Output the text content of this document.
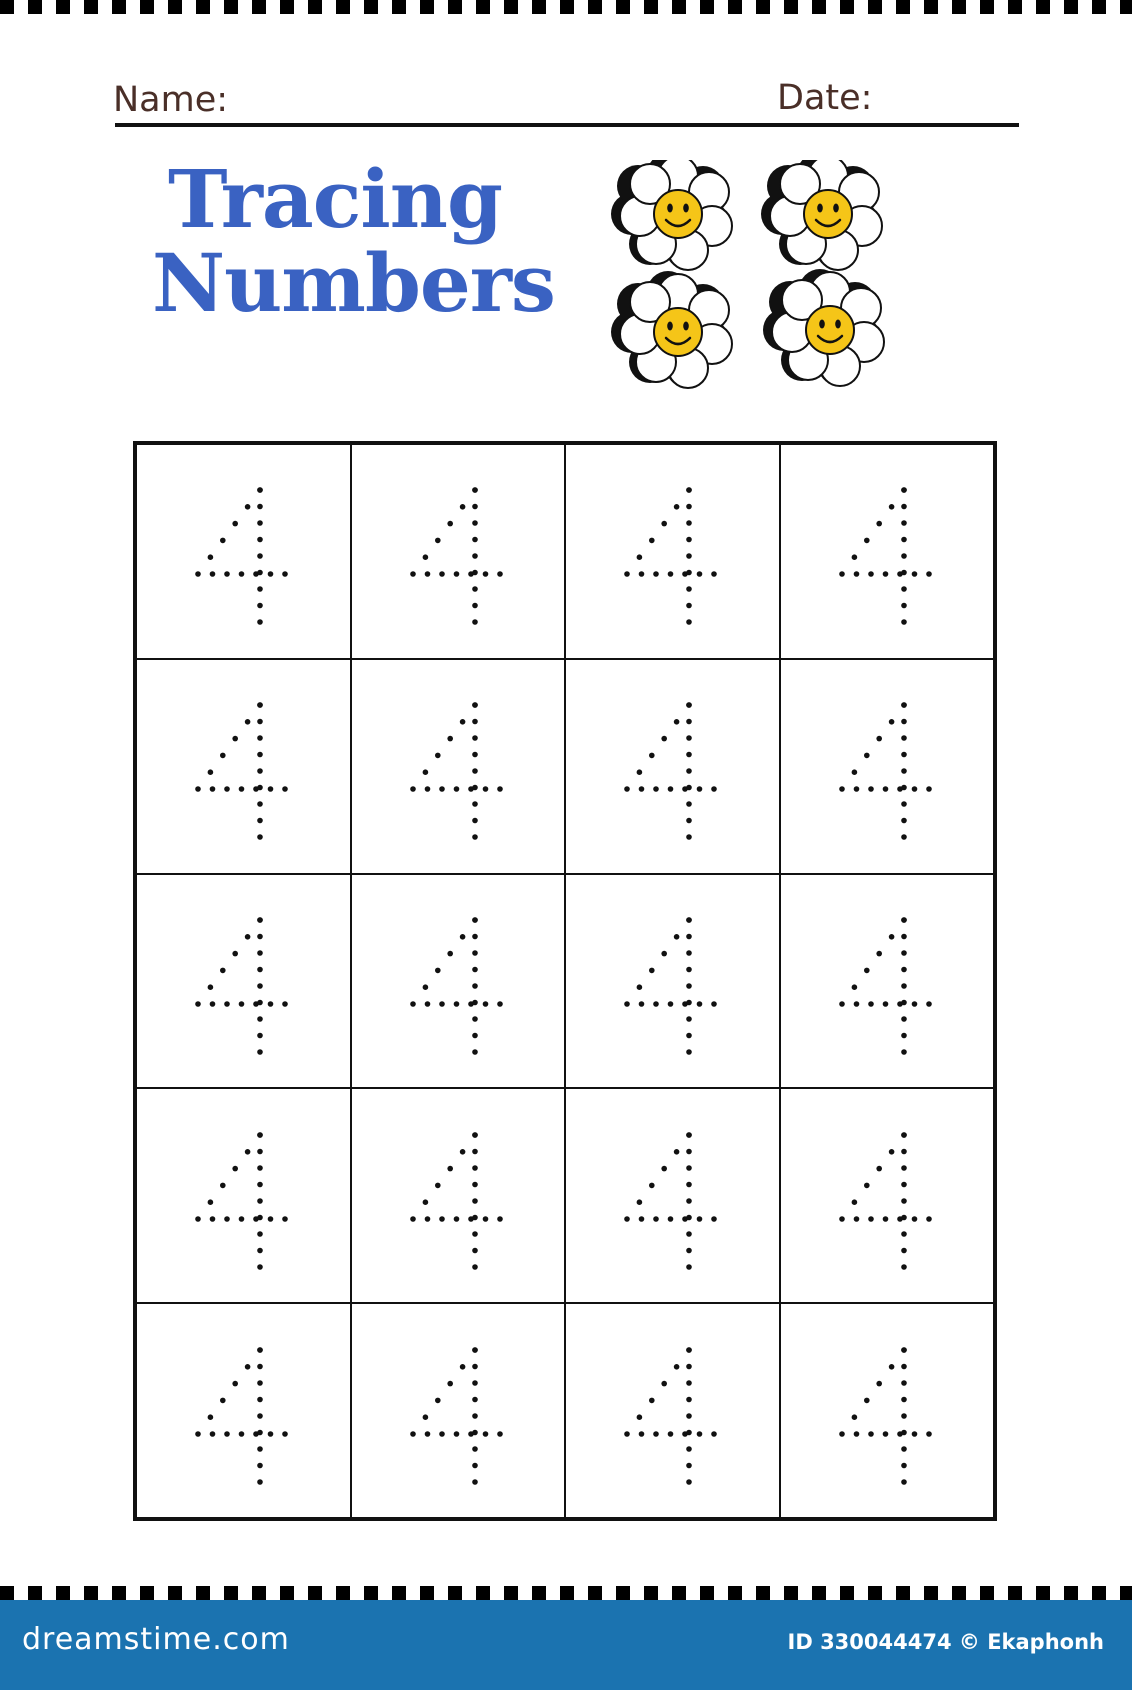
Name:	Date:
Tracing
Numbers
dreamstime.com	ID 330044474 © Ekaphonh
